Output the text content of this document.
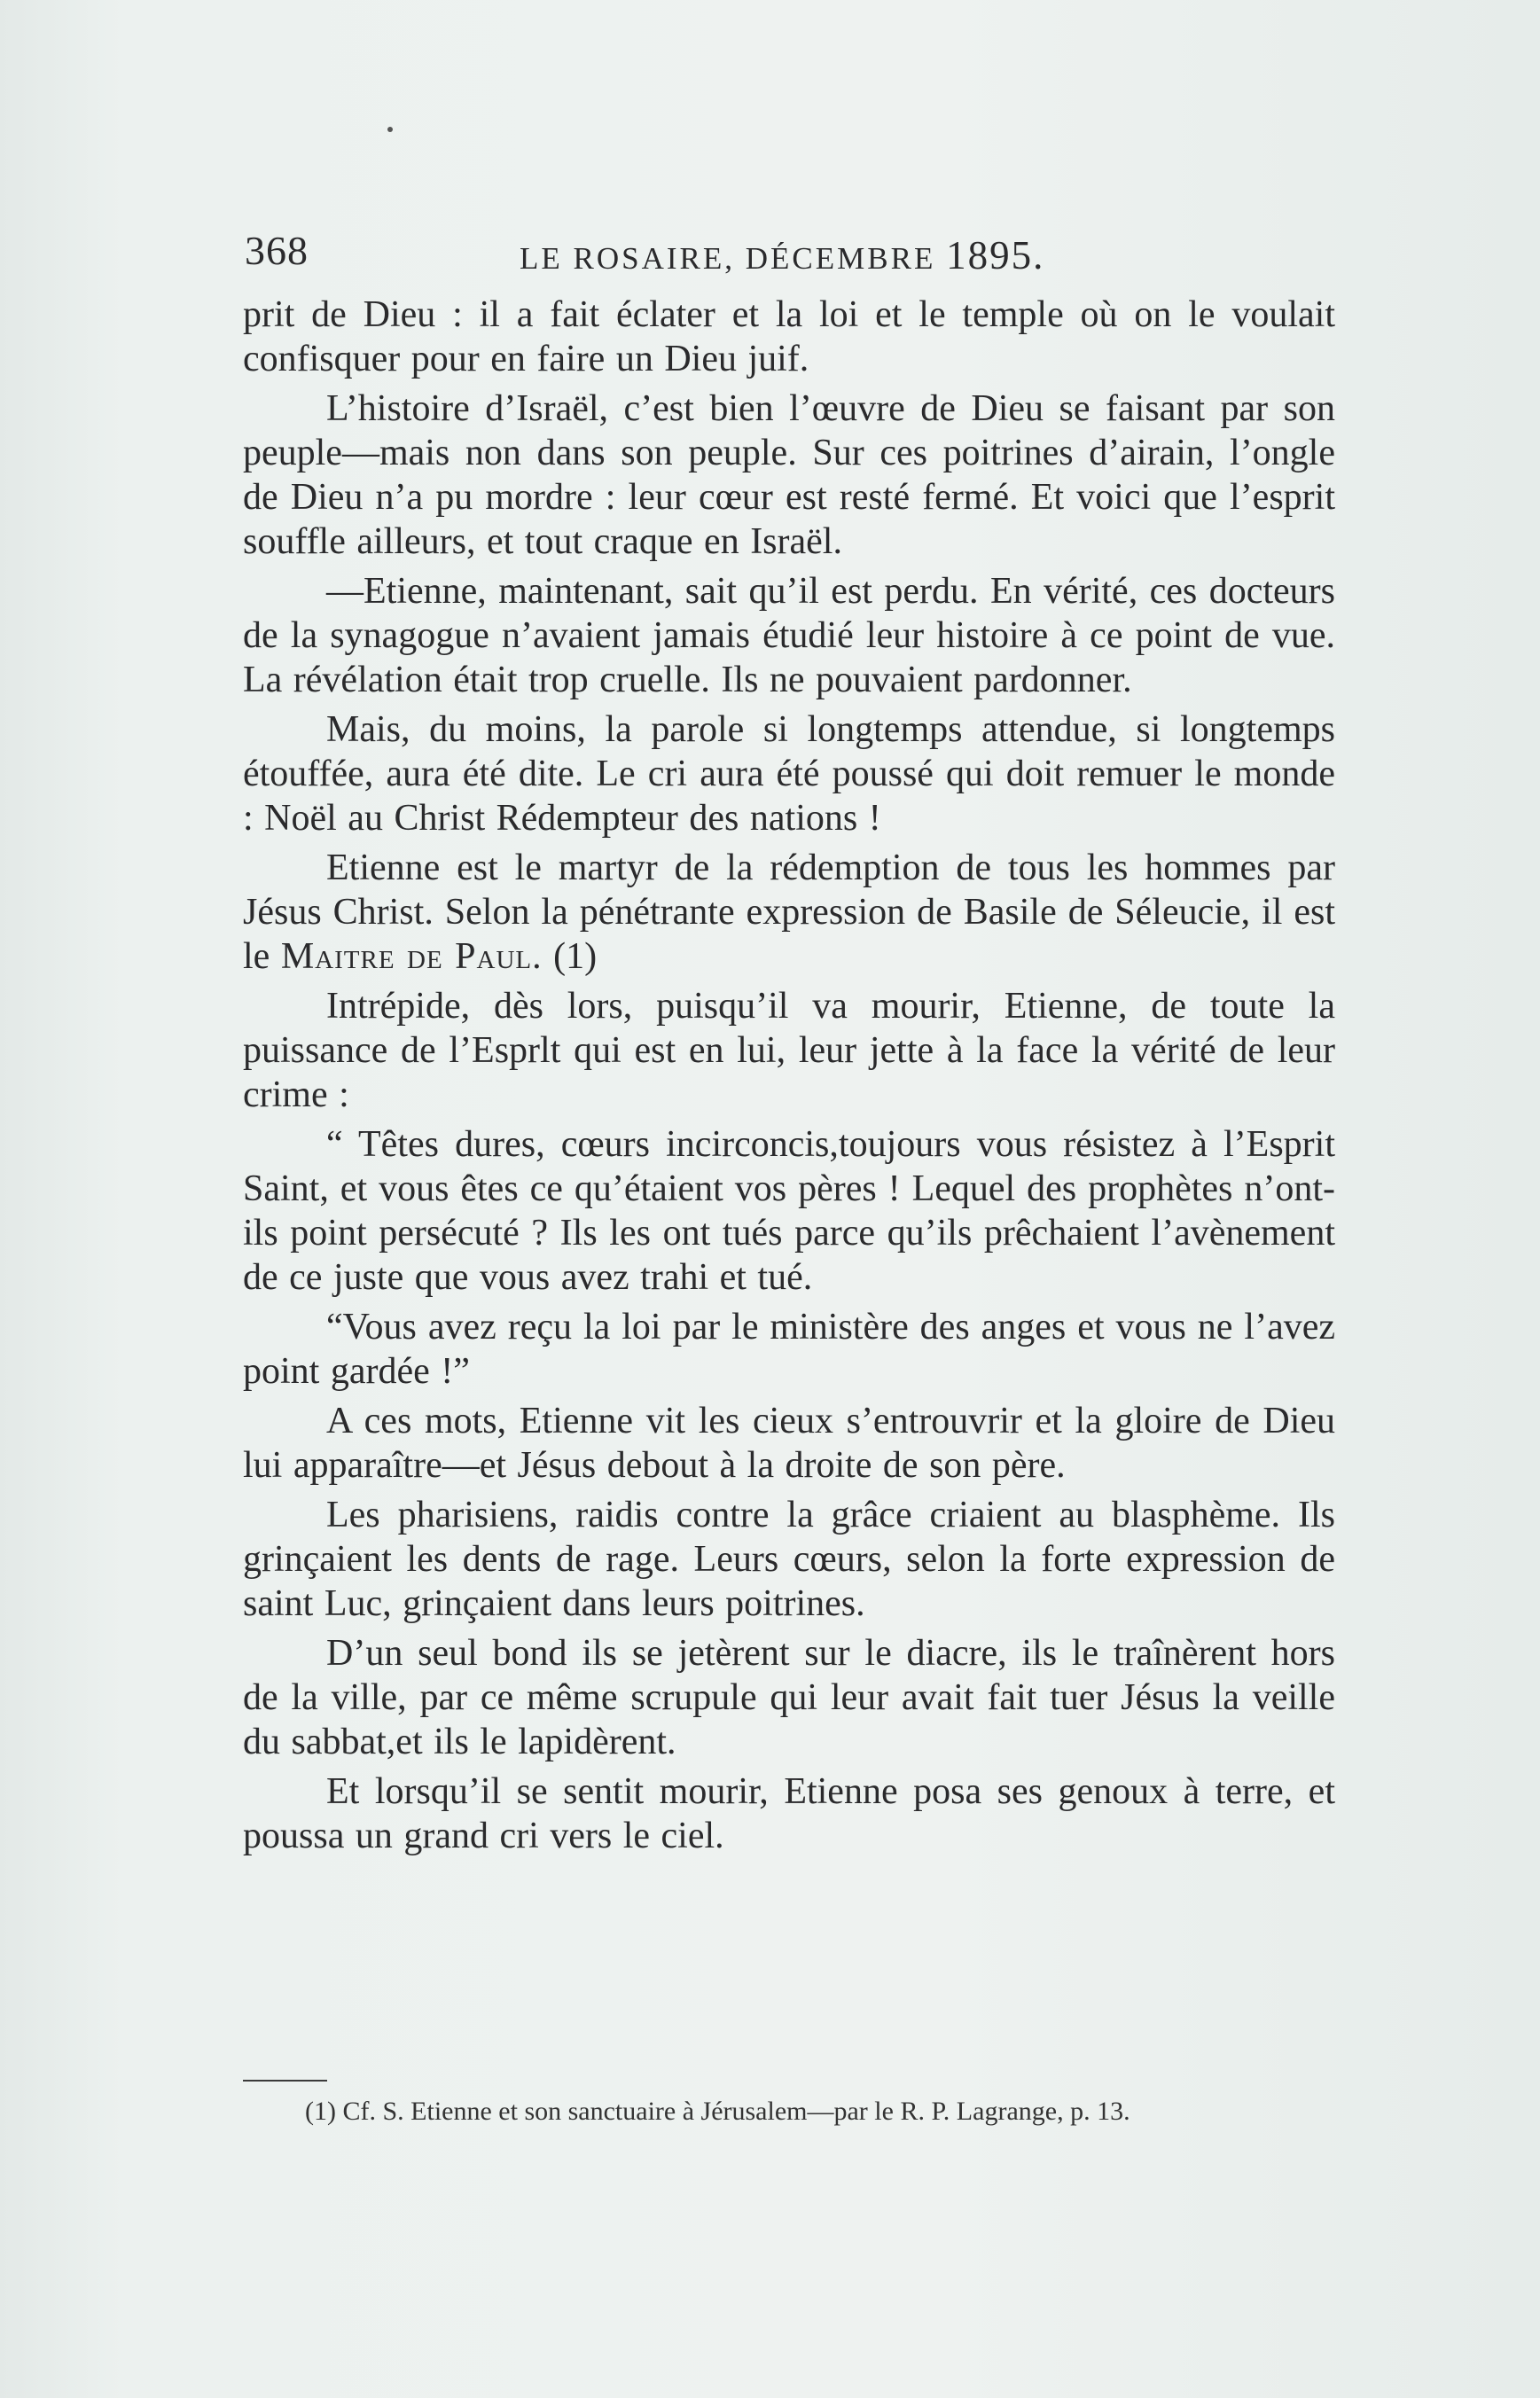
368	LE ROSAIRE, DÉCEMBRE 1895.

prit de Dieu : il a fait éclater et la loi et le temple où on le voulait confisquer pour en faire un Dieu juif.

L’histoire d’Israël, c’est bien l’œuvre de Dieu se faisant par son peuple—mais non dans son peuple. Sur ces poitrines d’airain, l’ongle de Dieu n’a pu mordre : leur cœur est resté fermé. Et voici que l’esprit souffle ailleurs, et tout craque en Israël.

—Etienne, maintenant, sait qu’il est perdu. En vérité, ces docteurs de la synagogue n’avaient jamais étudié leur histoire à ce point de vue. La révélation était trop cruelle. Ils ne pouvaient pardonner.

Mais, du moins, la parole si longtemps attendue, si longtemps étouffée, aura été dite. Le cri aura été poussé qui doit remuer le monde : Noël au Christ Rédempteur des nations !

Etienne est le martyr de la rédemption de tous les hommes par Jésus Christ. Selon la pénétrante expression de Basile de Séleucie, il est le Maitre de Paul. (1)

Intrépide, dès lors, puisqu’il va mourir, Etienne, de toute la puissance de l’Esprlt qui est en lui, leur jette à la face la vérité de leur crime :

“ Têtes dures, cœurs incirconcis,toujours vous résistez à l’Esprit Saint, et vous êtes ce qu’étaient vos pères ! Lequel des prophètes n’ont-ils point persécuté ? Ils les ont tués parce qu’ils prêchaient l’avènement de ce juste que vous avez trahi et tué.

“Vous avez reçu la loi par le ministère des anges et vous ne l’avez point gardée !”

A ces mots, Etienne vit les cieux s’entrouvrir et la gloire de Dieu lui apparaître—et Jésus debout à la droite de son père.

Les pharisiens, raidis contre la grâce criaient au blasphème. Ils grinçaient les dents de rage. Leurs cœurs, selon la forte expression de saint Luc, grinçaient dans leurs poitrines.

D’un seul bond ils se jetèrent sur le diacre, ils le traînèrent hors de la ville, par ce même scrupule qui leur avait fait tuer Jésus la veille du sabbat,et ils le lapidèrent.

Et lorsqu’il se sentit mourir, Etienne posa ses genoux à terre, et poussa un grand cri vers le ciel.

(1) Cf. S. Etienne et son sanctuaire à Jérusalem—par le R. P. Lagrange, p. 13.
